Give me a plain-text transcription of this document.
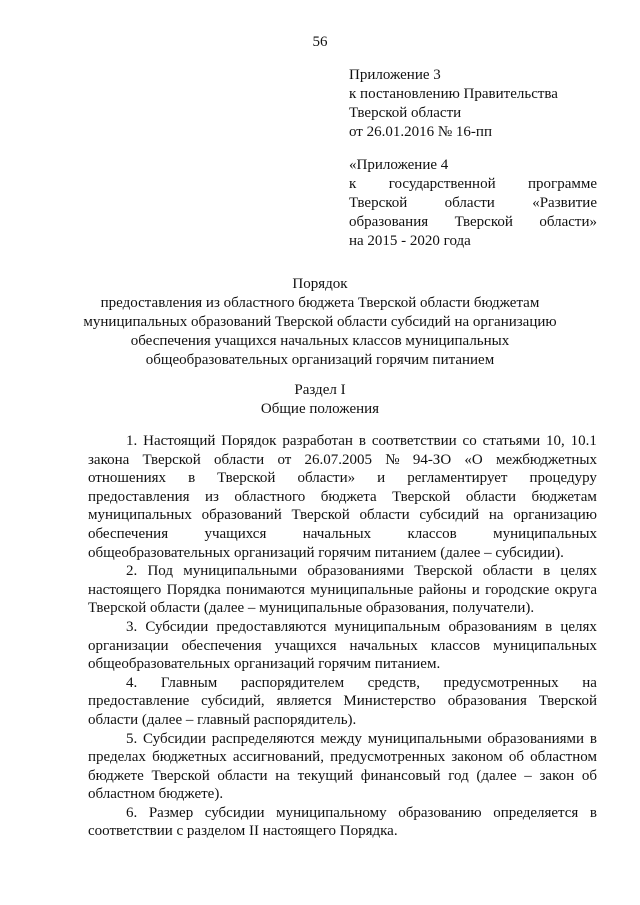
56
Приложение 3
к постановлению Правительства
Тверской области
от 26.01.2016 № 16-пп
«Приложение 4
к государственной программе
Тверской области «Развитие
образования Тверской области»
на 2015 - 2020 года
Порядок
предоставления из областного бюджета Тверской области бюджетам
муниципальных образований Тверской области субсидий на организацию
обеспечения учащихся начальных классов муниципальных
общеобразовательных организаций горячим питанием
Раздел I
Общие положения
1. Настоящий Порядок разработан в соответствии со статьями 10, 10.1
закона Тверской области от 26.07.2005 № 94-ЗО «О межбюджетных
отношениях в Тверской области» и регламентирует процедуру
предоставления из областного бюджета Тверской области бюджетам
муниципальных образований Тверской области субсидий на организацию
обеспечения учащихся начальных классов муниципальных
общеобразовательных организаций горячим питанием (далее – субсидии).
2. Под муниципальными образованиями Тверской области в целях
настоящего Порядка понимаются муниципальные районы и городские округа
Тверской области (далее – муниципальные образования, получатели).
3. Субсидии предоставляются муниципальным образованиям в целях
организации обеспечения учащихся начальных классов муниципальных
общеобразовательных организаций горячим питанием.
4. Главным распорядителем средств, предусмотренных на
предоставление субсидий, является Министерство образования Тверской
области (далее – главный распорядитель).
5. Субсидии распределяются между муниципальными образованиями в
пределах бюджетных ассигнований, предусмотренных законом об областном
бюджете Тверской области на текущий финансовый год (далее – закон об
областном бюджете).
6. Размер субсидии муниципальному образованию определяется в
соответствии с разделом II настоящего Порядка.
